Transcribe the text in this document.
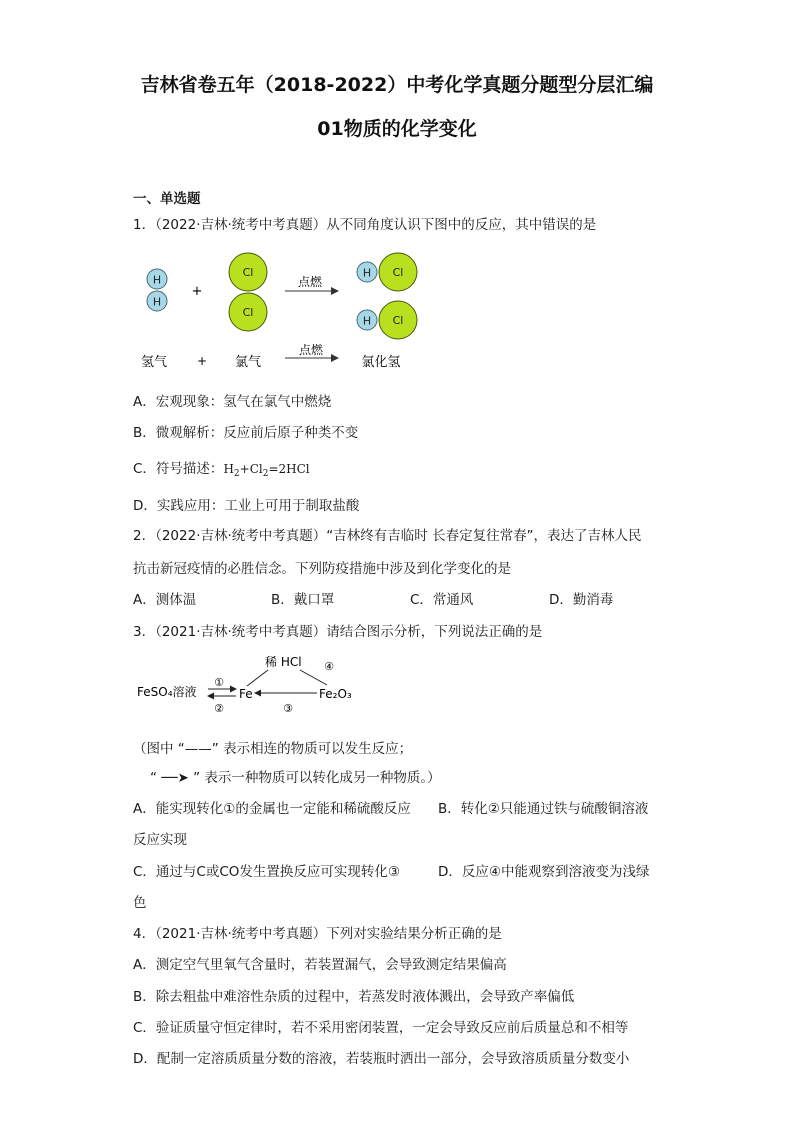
吉林省卷五年（2018-2022）中考化学真题分题型分层汇编
01物质的化学变化
一、单选题
1．（2022·吉林·统考中考真题）从不同角度认识下图中的反应，其中错误的是
H
H
+
Cl
Cl
点燃
Cl
H
Cl
H
氢气 + 氯气
点燃
氯化氢
A．宏观现象：氢气在氯气中燃烧
B．微观解析：反应前后原子种类不变
C．符号描述：$H_2+Cl_2=2HCl$
D．实践应用：工业上可用于制取盐酸
2．（2022·吉林·统考中考真题）“吉林终有吉临时 长春定复往常春”，表达了吉林人民
抗击新冠疫情的必胜信念。下列防疫措施中涉及到化学变化的是
A．测体温	B．戴口罩	C．常通风	D．勤消毒
3．（2021·吉林·统考中考真题）请结合图示分析，下列说法正确的是
稀 HCl
FeSO₄溶液	Fe	Fe₂O₃
①
②	③
④
（图中 “——” 表示相连的物质可以发生反应；
“ ──➤ ” 表示一种物质可以转化成另一种物质。）
A．能实现转化①的金属也一定能和稀硫酸反应 B．转化②只能通过铁与硫酸铜溶液
反应实现
C．通过与C或CO发生置换反应可实现转化③	D．反应④中能观察到溶液变为浅绿
色
4．（2021·吉林·统考中考真题）下列对实验结果分析正确的是
A．测定空气里氧气含量时，若装置漏气，会导致测定结果偏高
B．除去粗盐中难溶性杂质的过程中，若蒸发时液体溅出，会导致产率偏低
C．验证质量守恒定律时，若不采用密闭装置，一定会导致反应前后质量总和不相等
D．配制一定溶质质量分数的溶液，若装瓶时洒出一部分，会导致溶质质量分数变小
